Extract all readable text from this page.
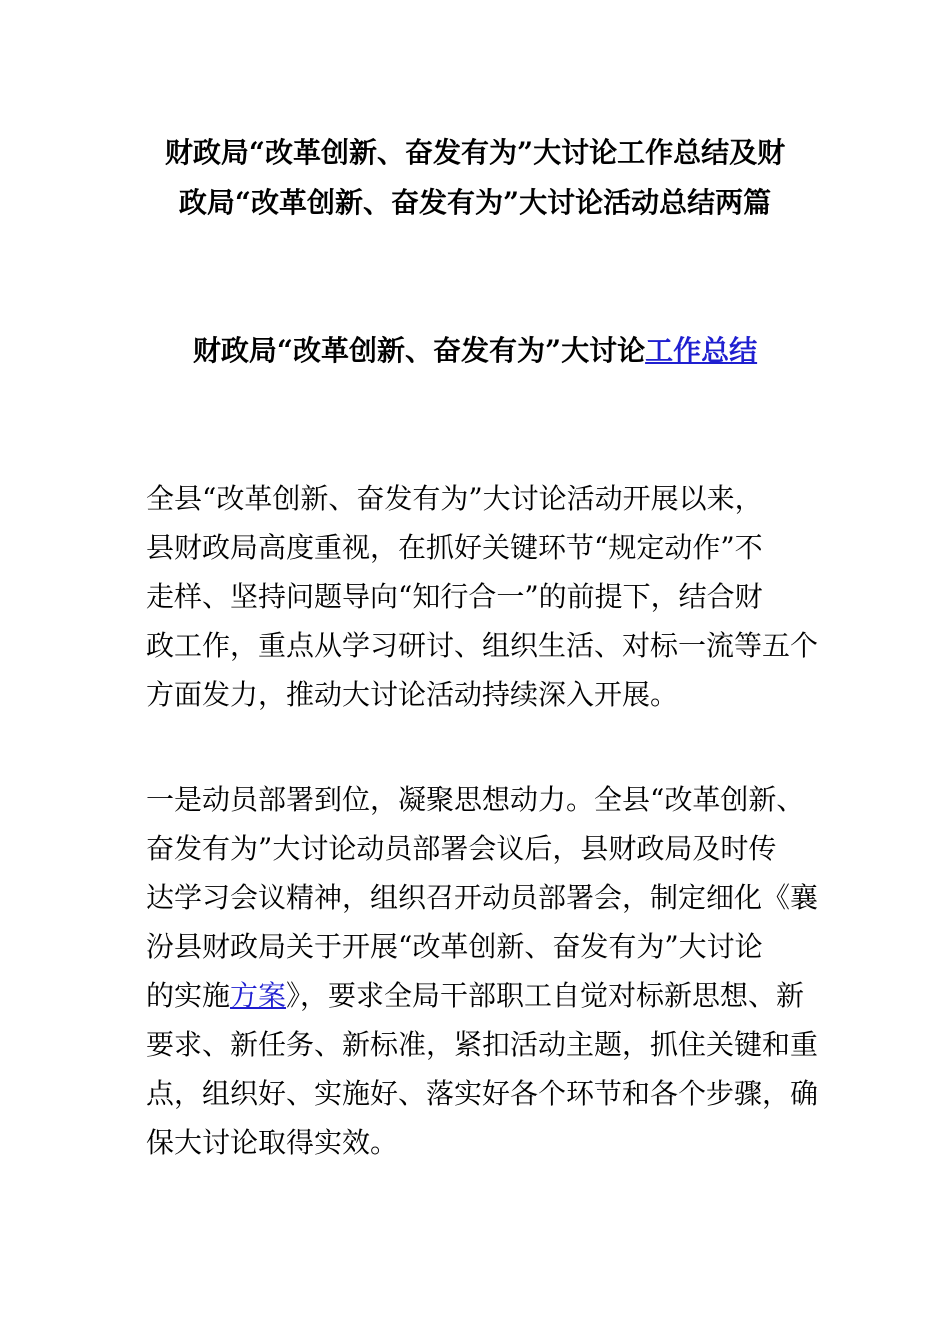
财政局“改革创新、奋发有为”大讨论工作总结及财
政局“改革创新、奋发有为”大讨论活动总结两篇
财政局“改革创新、奋发有为”大讨论工作总结

全县“改革创新、奋发有为”大讨论活动开展以来，
县财政局高度重视，在抓好关键环节“规定动作”不
走样、坚持问题导向“知行合一”的前提下，结合财
政工作，重点从学习研讨、组织生活、对标一流等五个
方面发力，推动大讨论活动持续深入开展。

一是动员部署到位，凝聚思想动力。全县“改革创新、
奋发有为”大讨论动员部署会议后，县财政局及时传
达学习会议精神，组织召开动员部署会，制定细化《襄
汾县财政局关于开展“改革创新、奋发有为”大讨论
的实施方案》，要求全局干部职工自觉对标新思想、新
要求、新任务、新标准，紧扣活动主题，抓住关键和重
点，组织好、实施好、落实好各个环节和各个步骤，确
保大讨论取得实效。
